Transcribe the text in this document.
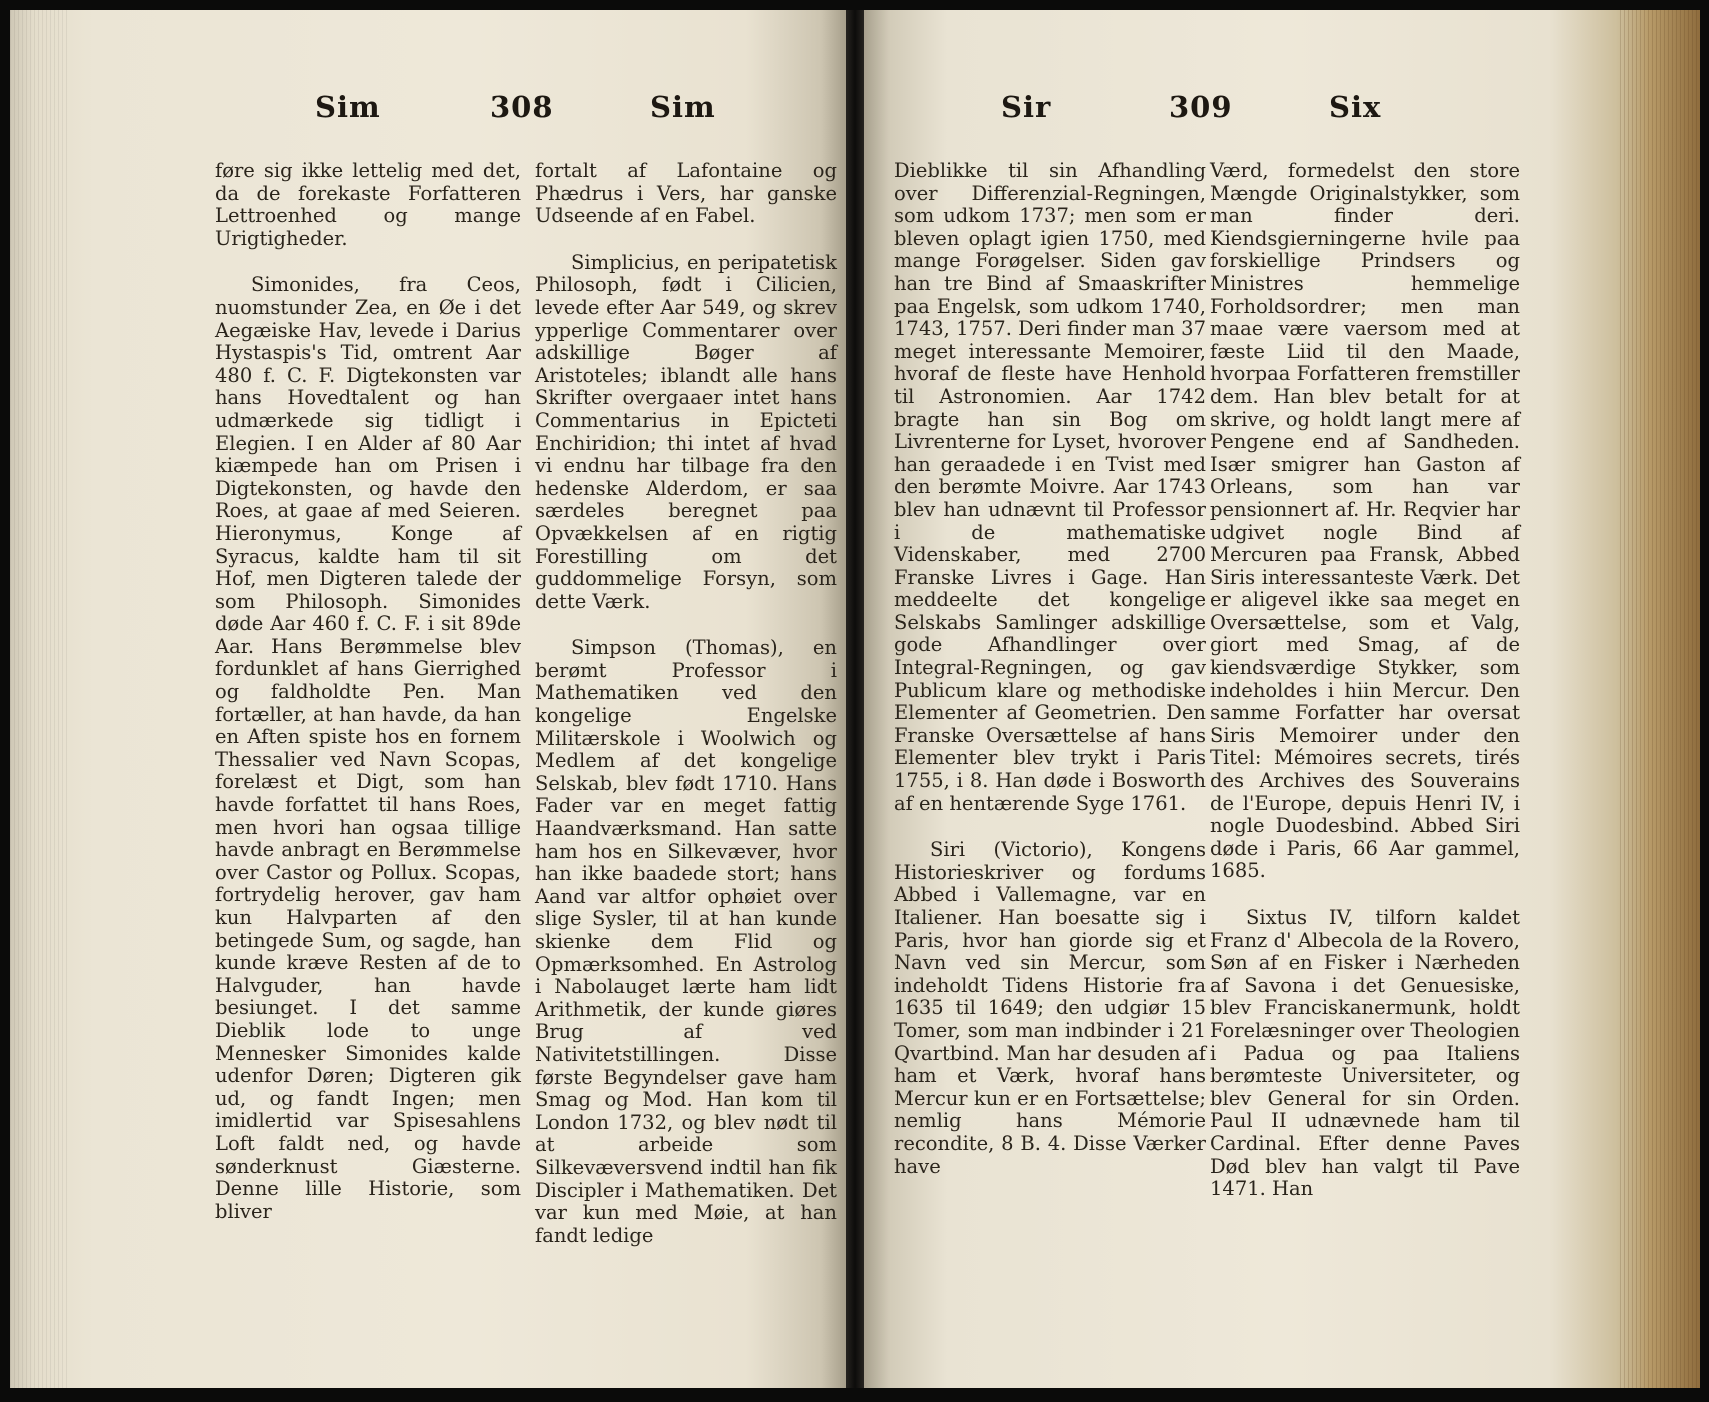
Sim	308	Sim

føre sig ikke lettelig med det, da de forekaste Forfatteren Lettroenhed og mange Urigtigheder.

Simonides, fra Ceos, nuomstunder Zea, en Øe i det Aegæiske Hav, levede i Darius Hystaspis's Tid, omtrent Aar 480 f. C. F. Digtekonsten var hans Hovedtalent og han udmærkede sig tidligt i Elegien. I en Alder af 80 Aar kiæmpede han om Prisen i Digtekonsten, og havde den Roes, at gaae af med Seieren. Hieronymus, Konge af Syracus, kaldte ham til sit Hof, men Digteren talede der som Philosoph. Simonides døde Aar 460 f. C. F. i sit 89de Aar. Hans Berømmelse blev fordunklet af hans Gierrighed og faldholdte Pen. Man fortæller, at han havde, da han en Aften spiste hos en fornem Thessalier ved Navn Scopas, forelæst et Digt, som han havde forfattet til hans Roes, men hvori han ogsaa tillige havde anbragt en Berømmelse over Castor og Pollux. Scopas, fortrydelig herover, gav ham kun Halvparten af den betingede Sum, og sagde, han kunde kræve Resten af de to Halvguder, han havde besiunget. I det samme Dieblik lode to unge Mennesker Simonides kalde udenfor Døren; Digteren gik ud, og fandt Ingen; men imidlertid var Spisesahlens Loft faldt ned, og havde sønderknust Giæsterne. Denne lille Historie, som bliver

fortalt af Lafontaine og Phædrus i Vers, har ganske Udseende af en Fabel.

Simplicius, en peripatetisk Philosoph, født i Cilicien, levede efter Aar 549, og skrev ypperlige Commentarer over adskillige Bøger af Aristoteles; iblandt alle hans Skrifter overgaaer intet hans Commentarius in Epicteti Enchiridion; thi intet af hvad vi endnu har tilbage fra den hedenske Alderdom, er saa særdeles beregnet paa Opvækkelsen af en rigtig Forestilling om det guddommelige Forsyn, som dette Værk.

Simpson (Thomas), en berømt Professor i Mathematiken ved den kongelige Engelske Militærskole i Woolwich og Medlem af det kongelige Selskab, blev født 1710. Hans Fader var en meget fattig Haandværksmand. Han satte ham hos en Silkevæver, hvor han ikke baadede stort; hans Aand var altfor ophøiet over slige Sysler, til at han kunde skienke dem Flid og Opmærksomhed. En Astrolog i Nabolauget lærte ham lidt Arithmetik, der kunde giøres Brug af ved Nativitetstillingen. Disse første Begyndelser gave ham Smag og Mod. Han kom til London 1732, og blev nødt til at arbeide som Silkevæversvend indtil han fik Discipler i Mathematiken. Det var kun med Møie, at han fandt ledige

Sir	309	Six

Dieblikke til sin Afhandling over Differenzial-Regningen, som udkom 1737; men som er bleven oplagt igien 1750, med mange Forøgelser. Siden gav han tre Bind af Smaaskrifter paa Engelsk, som udkom 1740, 1743, 1757. Deri finder man 37 meget interessante Memoirer, hvoraf de fleste have Henhold til Astronomien. Aar 1742 bragte han sin Bog om Livrenterne for Lyset, hvorover han geraadede i en Tvist med den berømte Moivre. Aar 1743 blev han udnævnt til Professor i de mathematiske Videnskaber, med 2700 Franske Livres i Gage. Han meddeelte det kongelige Selskabs Samlinger adskillige gode Afhandlinger over Integral-Regningen, og gav Publicum klare og methodiske Elementer af Geometrien. Den Franske Oversættelse af hans Elementer blev trykt i Paris 1755, i 8. Han døde i Bosworth af en hentærende Syge 1761.

Siri (Victorio), Kongens Historieskriver og fordums Abbed i Vallemagne, var en Italiener. Han boesatte sig i Paris, hvor han giorde sig et Navn ved sin Mercur, som indeholdt Tidens Historie fra 1635 til 1649; den udgiør 15 Tomer, som man indbinder i 21 Qvartbind. Man har desuden af ham et Værk, hvoraf hans Mercur kun er en Fortsættelse; nemlig hans Mémorie recondite, 8 B. 4. Disse Værker have

Værd, formedelst den store Mængde Originalstykker, som man finder deri. Kiendsgierningerne hvile paa forskiellige Prindsers og Ministres hemmelige Forholdsordrer; men man maae være vaersom med at fæste Liid til den Maade, hvorpaa Forfatteren fremstiller dem. Han blev betalt for at skrive, og holdt langt mere af Pengene end af Sandheden. Især smigrer han Gaston af Orleans, som han var pensionnert af. Hr. Reqvier har udgivet nogle Bind af Mercuren paa Fransk, Abbed Siris interessanteste Værk. Det er aligevel ikke saa meget en Oversættelse, som et Valg, giort med Smag, af de kiendsværdige Stykker, som indeholdes i hiin Mercur. Den samme Forfatter har oversat Siris Memoirer under den Titel: Mémoires secrets, tirés des Archives des Souverains de l'Europe, depuis Henri IV, i nogle Duodesbind. Abbed Siri døde i Paris, 66 Aar gammel, 1685.

Sixtus IV, tilforn kaldet Franz d' Albecola de la Rovero, Søn af en Fisker i Nærheden af Savona i det Genuesiske, blev Franciskanermunk, holdt Forelæsninger over Theologien i Padua og paa Italiens berømteste Universiteter, og blev General for sin Orden. Paul II udnævnede ham til Cardinal. Efter denne Paves Død blev han valgt til Pave 1471. Han
